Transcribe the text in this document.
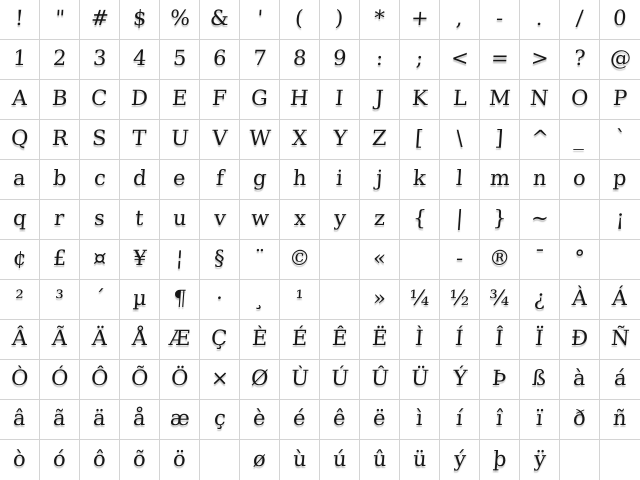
! " # $ % & ' ( ) * + , - . / 0
1 2 3 4 5 6 7 8 9 : ; < = > ? @
A B C D E F G H I J K L M N O P
Q R S T U V W X Y Z [ \ ] ^ _ `
a b c d e f g h i j k l m n o p
q r s t u v w x y z { | } ~	¡
¢ £ ¤ ¥ ¦ § ¨ ©	«	- ® ¯ °
² ³ ´ µ ¶ · ¸ ¹	» ¼ ½ ¾ ¿ À Á
Â Ã Ä Å Æ Ç È É Ê Ë Ì Í Î Ï Ð Ñ
Ò Ó Ô Õ Ö × Ø Ù Ú Û Ü Ý Þ ß à á
â ã ä å æ ç è é ê ë ì í î ï ð ñ
ò ó ô õ ö	ø ù ú û ü ý þ ÿ
